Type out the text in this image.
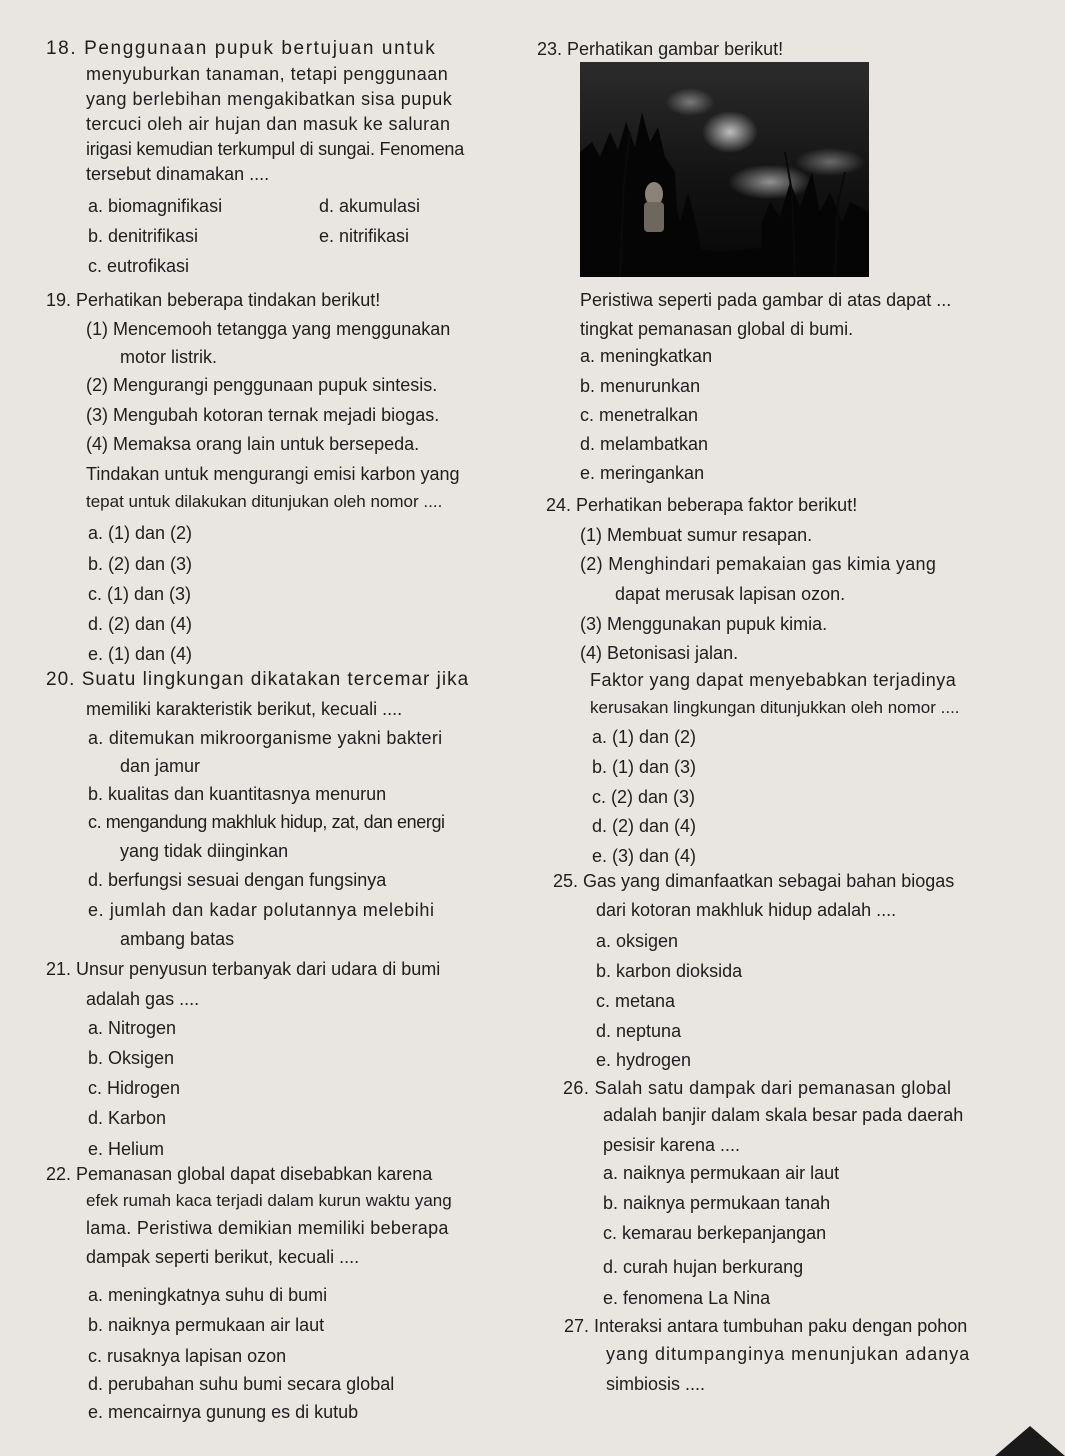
18. Penggunaan pupuk bertujuan untuk
menyuburkan tanaman, tetapi penggunaan
yang berlebihan mengakibatkan sisa pupuk
tercuci oleh air hujan dan masuk ke saluran
irigasi kemudian terkumpul di sungai. Fenomena
tersebut dinamakan ....
a. biomagnifikasi	d. akumulasi
b. denitrifikasi	e. nitrifikasi
c. eutrofikasi
19. Perhatikan beberapa tindakan berikut!
(1) Mencemooh tetangga yang menggunakan
motor listrik.
(2) Mengurangi penggunaan pupuk sintesis.
(3) Mengubah kotoran ternak mejadi biogas.
(4) Memaksa orang lain untuk bersepeda.
Tindakan untuk mengurangi emisi karbon yang
tepat untuk dilakukan ditunjukan oleh nomor ....
a. (1) dan (2)
b. (2) dan (3)
c. (1) dan (3)
d. (2) dan (4)
e. (1) dan (4)
20. Suatu lingkungan dikatakan tercemar jika
memiliki karakteristik berikut, kecuali ....
a. ditemukan mikroorganisme yakni bakteri
dan jamur
b. kualitas dan kuantitasnya menurun
c. mengandung makhluk hidup, zat, dan energi
yang tidak diinginkan
d. berfungsi sesuai dengan fungsinya
e. jumlah dan kadar polutannya melebihi
ambang batas
21. Unsur penyusun terbanyak dari udara di bumi
adalah gas ....
a. Nitrogen
b. Oksigen
c. Hidrogen
d. Karbon
e. Helium
22. Pemanasan global dapat disebabkan karena
efek rumah kaca terjadi dalam kurun waktu yang
lama. Peristiwa demikian memiliki beberapa
dampak seperti berikut, kecuali ....
a. meningkatnya suhu di bumi
b. naiknya permukaan air laut
c. rusaknya lapisan ozon
d. perubahan suhu bumi secara global
e. mencairnya gunung es di kutub
23. Perhatikan gambar berikut!
Peristiwa seperti pada gambar di atas dapat ...
tingkat pemanasan global di bumi.
a. meningkatkan
b. menurunkan
c. menetralkan
d. melambatkan
e. meringankan
24. Perhatikan beberapa faktor berikut!
(1) Membuat sumur resapan.
(2) Menghindari pemakaian gas kimia yang
dapat merusak lapisan ozon.
(3) Menggunakan pupuk kimia.
(4) Betonisasi jalan.
Faktor yang dapat menyebabkan terjadinya
kerusakan lingkungan ditunjukkan oleh nomor ....
a. (1) dan (2)
b. (1) dan (3)
c. (2) dan (3)
d. (2) dan (4)
e. (3) dan (4)
25. Gas yang dimanfaatkan sebagai bahan biogas
dari kotoran makhluk hidup adalah ....
a. oksigen
b. karbon dioksida
c. metana
d. neptuna
e. hydrogen
26. Salah satu dampak dari pemanasan global
adalah banjir dalam skala besar pada daerah
pesisir karena ....
a. naiknya permukaan air laut
b. naiknya permukaan tanah
c. kemarau berkepanjangan
d. curah hujan berkurang
e. fenomena La Nina
27. Interaksi antara tumbuhan paku dengan pohon
yang ditumpanginya menunjukan adanya
simbiosis ....
